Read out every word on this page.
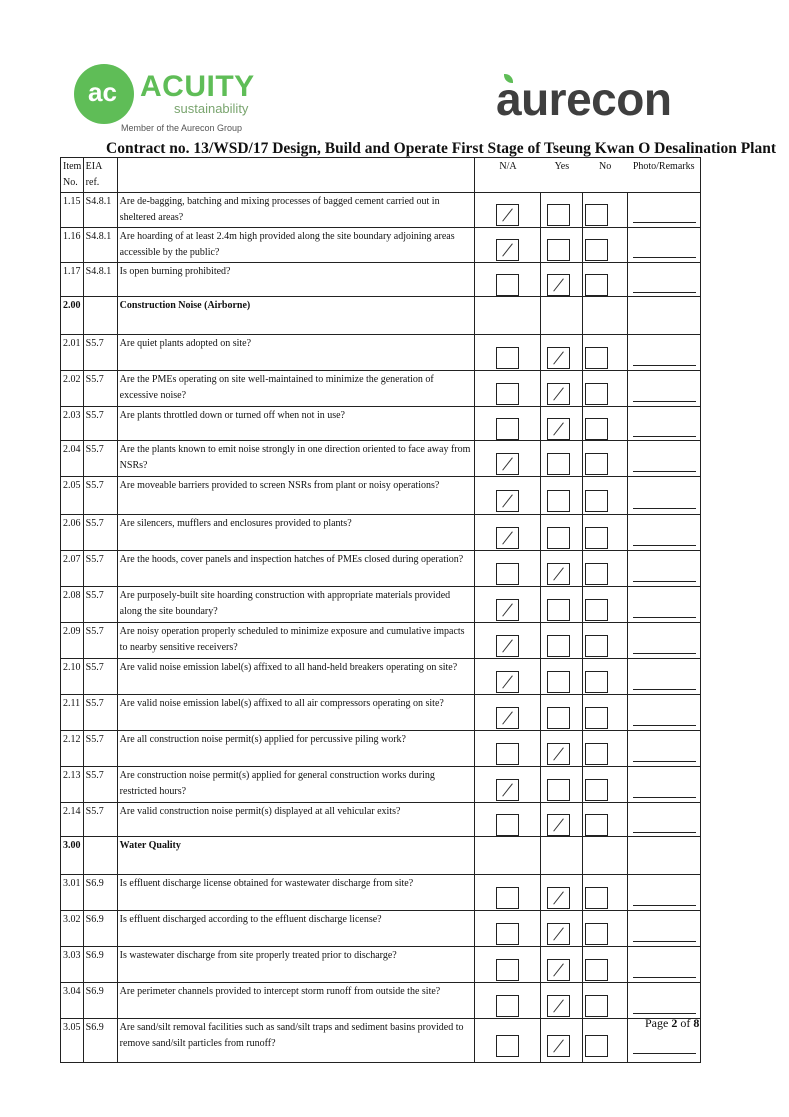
ac ACUITY
sustainability
Member of the Aurecon Group
aurecon
Contract no. 13/WSD/17 Design, Build and Operate First Stage of Tseung Kwan O Desalination Plant
Item No.	EIA ref.		N/A	Yes	No	Photo/Remarks
1.15	S4.8.1	Are de-bagging, batching and mixing processes of bagged cement carried out in sheltered areas?	

1.16	S4.8.1	Are hoarding of at least 2.4m high provided along the site boundary adjoining areas accessible by the public?	

1.17	S4.8.1	Is open burning prohibited?	

2.00		Construction Noise (Airborne)				
2.01	S5.7	Are quiet plants adopted on site?	

2.02	S5.7	Are the PMEs operating on site well-maintained to minimize the generation of excessive noise?	

2.03	S5.7	Are plants throttled down or turned off when not in use?	

2.04	S5.7	Are the plants known to emit noise strongly in one direction oriented to face away from NSRs?	

2.05	S5.7	Are moveable barriers provided to screen NSRs from plant or noisy operations?	

2.06	S5.7	Are silencers, mufflers and enclosures provided to plants?	

2.07	S5.7	Are the hoods, cover panels and inspection hatches of PMEs closed during operation?	

2.08	S5.7	Are purposely-built site hoarding construction with appropriate materials provided along the site boundary?	

2.09	S5.7	Are noisy operation properly scheduled to minimize exposure and cumulative impacts to nearby sensitive receivers?	

2.10	S5.7	Are valid noise emission label(s) affixed to all hand-held breakers operating on site?	

2.11	S5.7	Are valid noise emission label(s) affixed to all air compressors operating on site?	

2.12	S5.7	Are all construction noise permit(s) applied for percussive piling work?	

2.13	S5.7	Are construction noise permit(s) applied for general construction works during restricted hours?	

2.14	S5.7	Are valid construction noise permit(s) displayed at all vehicular exits?	

3.00		Water Quality				
3.01	S6.9	Is effluent discharge license obtained for wastewater discharge from site?	

3.02	S6.9	Is effluent discharged according to the effluent discharge license?	

3.03	S6.9	Is wastewater discharge from site properly treated prior to discharge?	

3.04	S6.9	Are perimeter channels provided to intercept storm runoff from outside the site?	

3.05	S6.9	Are sand/silt removal facilities such as sand/silt traps and sediment basins provided to remove sand/silt particles from runoff?	

Page 2 of 8
